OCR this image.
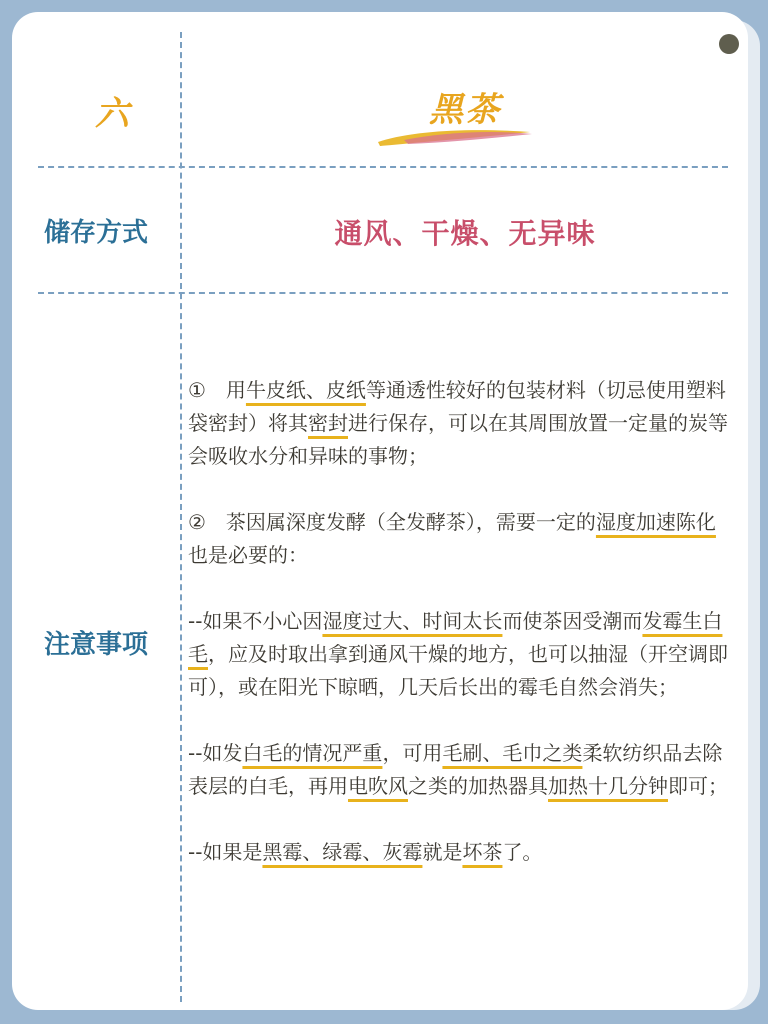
六	黑茶
储存方式	通风、干燥、无异味
注意事项

①　用牛皮纸、皮纸等通透性较好的包装材料（切忌使用塑料袋密封）将其密封进行保存，可以在其周围放置一定量的炭等会吸收水分和异味的事物；

②　茶因属深度发酵（全发酵茶），需要一定的湿度加速陈化也是必要的：

--如果不小心因湿度过大、时间太长而使茶因受潮而发霉生白毛，应及时取出拿到通风干燥的地方，也可以抽湿（开空调即可），或在阳光下晾晒，几天后长出的霉毛自然会消失；

--如发白毛的情况严重，可用毛刷、毛巾之类柔软纺织品去除表层的白毛，再用电吹风之类的加热器具加热十几分钟即可；

--如果是黑霉、绿霉、灰霉就是坏茶了。
